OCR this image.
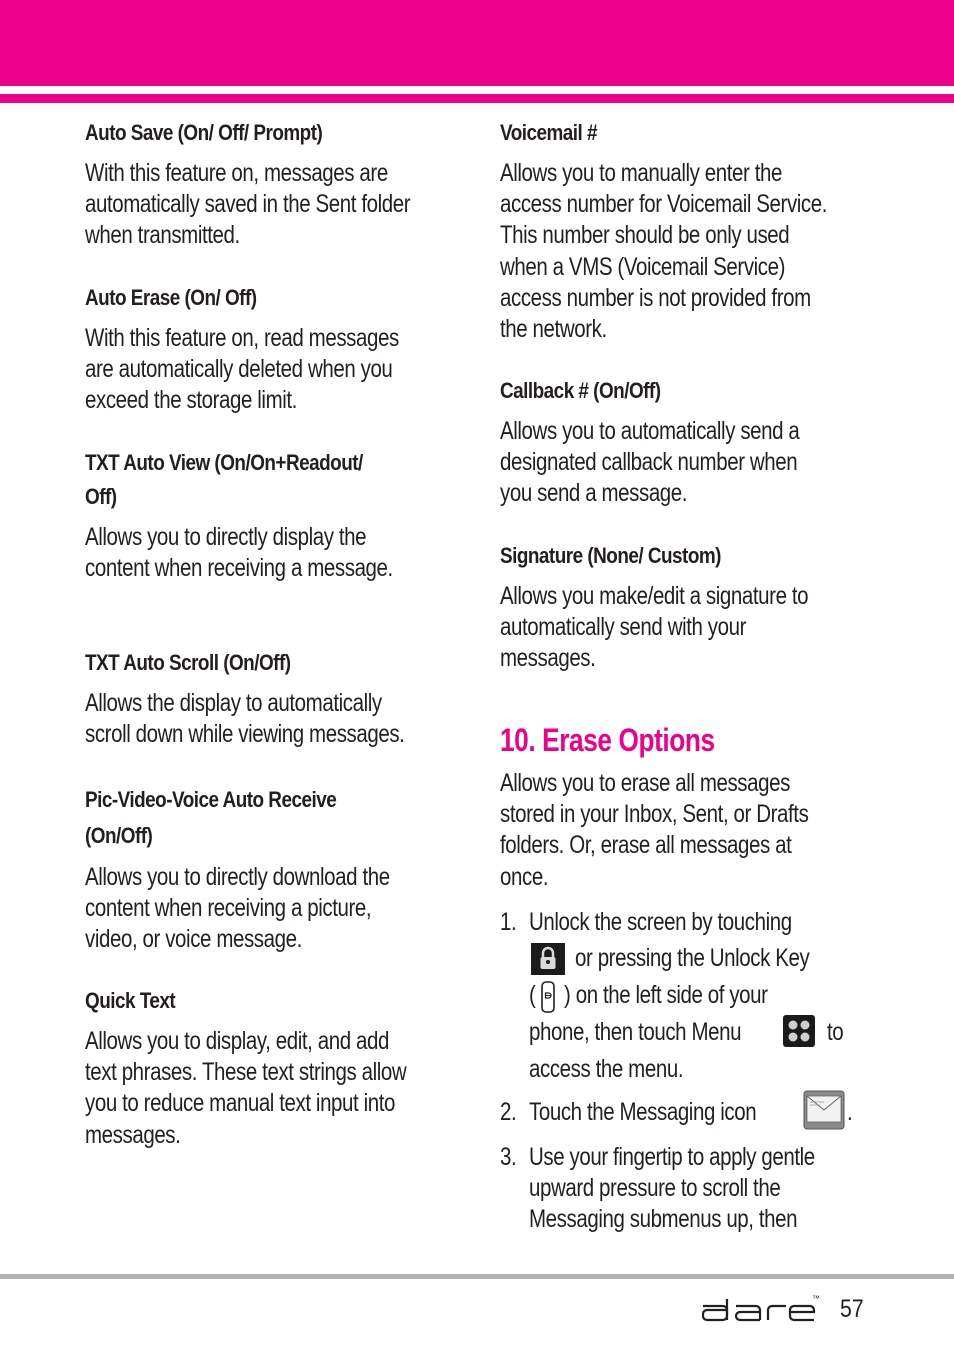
Auto Save (On/ Off/ Prompt)

With this feature on, messages are
automatically saved in the Sent folder
when transmitted.

Auto Erase (On/ Off)

With this feature on, read messages
are automatically deleted when you
exceed the storage limit.

TXT Auto View (On/On+Readout/
Off)

Allows you to directly display the
content when receiving a message.

TXT Auto Scroll (On/Off)

Allows the display to automatically
scroll down while viewing messages.

Pic-Video-Voice Auto Receive
(On/Off)

Allows you to directly download the
content when receiving a picture,
video, or voice message.

Quick Text

Allows you to display, edit, and add
text phrases. These text strings allow
you to reduce manual text input into
messages.

Voicemail #

Allows you to manually enter the
access number for Voicemail Service.
This number should be only used
when a VMS (Voicemail Service)
access number is not provided from
the network.

Callback # (On/Off)

Allows you to automatically send a
designated callback number when
you send a message.

Signature (None/ Custom)

Allows you make/edit a signature to
automatically send with your
messages.

10. Erase Options

Allows you to erase all messages
stored in your Inbox, Sent, or Drafts
folders. Or, erase all messages at
once.

1. Unlock the screen by touching
or pressing the Unlock Key
( ) on the left side of your
phone, then touch Menu	to
access the menu.
2. Touch the Messaging icon	.
3. Use your fingertip to apply gentle
upward pressure to scroll the
Messaging submenus up, then
™ 57
